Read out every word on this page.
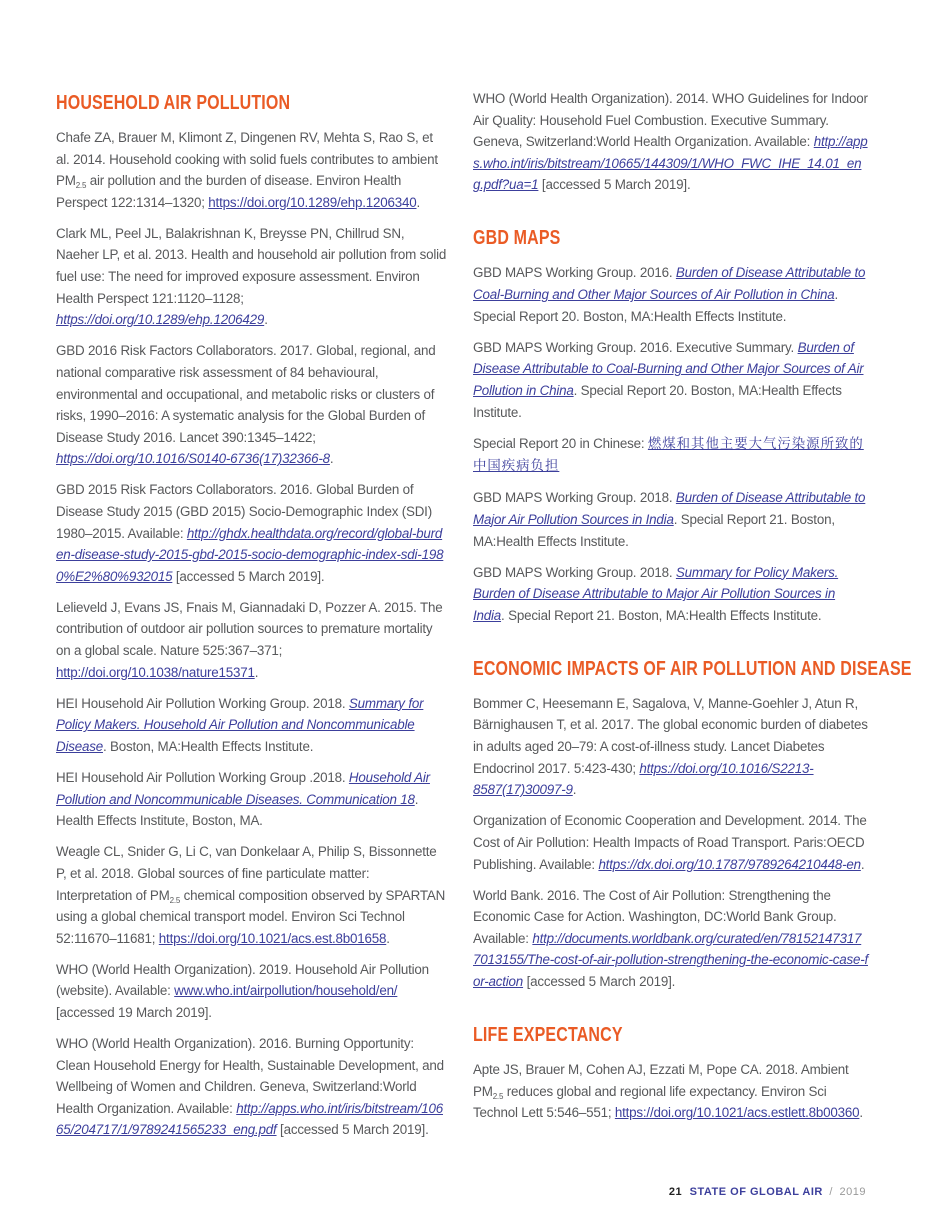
HOUSEHOLD AIR POLLUTION

Chafe ZA, Brauer M, Klimont Z, Dingenen RV, Mehta S, Rao S, et al. 2014. Household cooking with solid fuels contributes to ambient $PM_{2.5}$ air pollution and the burden of disease. Environ Health Perspect 122:1314–1320; https://doi.org/10.1289/ehp.1206340.

Clark ML, Peel JL, Balakrishnan K, Breysse PN, Chillrud SN, Naeher LP, et al. 2013. Health and household air pollution from solid fuel use: The need for improved exposure assessment. Environ Health Perspect 121:1120–1128; https://doi.org/10.1289/ehp.1206429.

GBD 2016 Risk Factors Collaborators. 2017. Global, regional, and national comparative risk assessment of 84 behavioural, environmental and occupational, and metabolic risks or clusters of risks, 1990–2016: A systematic analysis for the Global Burden of Disease Study 2016. Lancet 390:1345–1422; https://doi.org/10.1016/S0140-6736(17)32366-8.

GBD 2015 Risk Factors Collaborators. 2016. Global Burden of Disease Study 2015 (GBD 2015) Socio-Demographic Index (SDI) 1980–2015. Available: http://ghdx.healthdata.org/record/global-burden-disease-study-2015-gbd-2015-socio-demographic-index-sdi-1980%E2%80%932015 [accessed 5 March 2019].

Lelieveld J, Evans JS, Fnais M, Giannadaki D, Pozzer A. 2015. The contribution of outdoor air pollution sources to premature mortality on a global scale. Nature 525:367–371; http://doi.org/10.1038/nature15371.

HEI Household Air Pollution Working Group. 2018. Summary for Policy Makers. Household Air Pollution and Noncommunicable Disease. Boston, MA:Health Effects Institute.

HEI Household Air Pollution Working Group .2018. Household Air Pollution and Noncommunicable Diseases. Communication 18. Health Effects Institute, Boston, MA.

Weagle CL, Snider G, Li C, van Donkelaar A, Philip S, Bissonnette P, et al. 2018. Global sources of fine particulate matter: Interpretation of $PM_{2.5}$ chemical composition observed by SPARTAN using a global chemical transport model. Environ Sci Technol 52:11670–11681; https://doi.org/10.1021/acs.est.8b01658.

WHO (World Health Organization). 2019. Household Air Pollution (website). Available: www.who.int/airpollution/household/en/ [accessed 19 March 2019].

WHO (World Health Organization). 2016. Burning Opportunity: Clean Household Energy for Health, Sustainable Development, and Wellbeing of Women and Children. Geneva, Switzerland:World Health Organization. Available: http://apps.who.int/iris/bitstream/10665/204717/1/9789241565233_eng.pdf [accessed 5 March 2019].

WHO (World Health Organization). 2014. WHO Guidelines for Indoor Air Quality: Household Fuel Combustion. Executive Summary. Geneva, Switzerland:World Health Organization. Available: http://apps.who.int/iris/bitstream/10665/144309/1/WHO_FWC_IHE_14.01_eng.pdf?ua=1 [accessed 5 March 2019].

GBD MAPS

GBD MAPS Working Group. 2016. Burden of Disease Attributable to Coal-Burning and Other Major Sources of Air Pollution in China. Special Report 20. Boston, MA:Health Effects Institute.

GBD MAPS Working Group. 2016. Executive Summary. Burden of Disease Attributable to Coal-Burning and Other Major Sources of Air Pollution in China. Special Report 20. Boston, MA:Health Effects Institute.

Special Report 20 in Chinese: 燃煤和其他主要大气污染源所致的中国疾病负担

GBD MAPS Working Group. 2018. Burden of Disease Attributable to Major Air Pollution Sources in India. Special Report 21. Boston, MA:Health Effects Institute.

GBD MAPS Working Group. 2018. Summary for Policy Makers. Burden of Disease Attributable to Major Air Pollution Sources in India. Special Report 21. Boston, MA:Health Effects Institute.

ECONOMIC IMPACTS OF AIR POLLUTION AND DISEASE

Bommer C, Heesemann E, Sagalova, V, Manne-Goehler J, Atun R, Bärnighausen T, et al. 2017. The global economic burden of diabetes in adults aged 20–79: A cost-of-illness study. Lancet Diabetes Endocrinol 2017. 5:423-430; https://doi.org/10.1016/S2213-8587(17)30097-9.

Organization of Economic Cooperation and Development. 2014. The Cost of Air Pollution: Health Impacts of Road Transport. Paris:OECD Publishing. Available: https://dx.doi.org/10.1787/9789264210448-en.

World Bank. 2016. The Cost of Air Pollution: Strengthening the Economic Case for Action. Washington, DC:World Bank Group. Available: http://documents.worldbank.org/curated/en/781521473177013155/The-cost-of-air-pollution-strengthening-the-economic-case-for-action [accessed 5 March 2019].

LIFE EXPECTANCY

Apte JS, Brauer M, Cohen AJ, Ezzati M, Pope CA. 2018. Ambient $PM_{2.5}$ reduces global and regional life expectancy. Environ Sci Technol Lett 5:546–551; https://doi.org/10.1021/acs.estlett.8b00360.

21 STATE OF GLOBAL AIR / 2019
